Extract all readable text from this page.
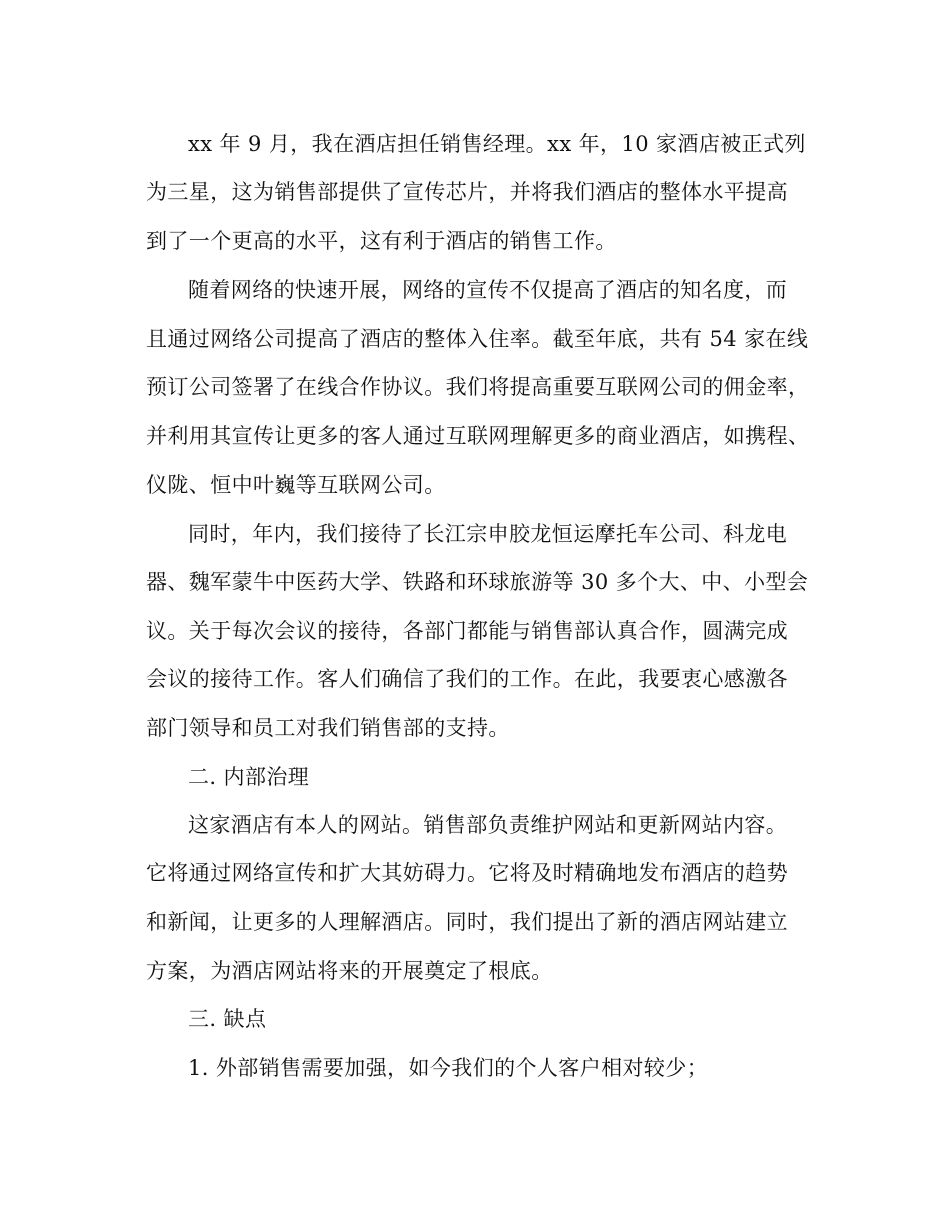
xx 年 9 月，我在酒店担任销售经理。xx 年，10 家酒店被正式列
为三星，这为销售部提供了宣传芯片，并将我们酒店的整体水平提高
到了一个更高的水平，这有利于酒店的销售工作。
随着网络的快速开展，网络的宣传不仅提高了酒店的知名度，而
且通过网络公司提高了酒店的整体入住率。截至年底，共有 54 家在线
预订公司签署了在线合作协议。我们将提高重要互联网公司的佣金率，
并利用其宣传让更多的客人通过互联网理解更多的商业酒店，如携程、
仪陇、恒中叶巍等互联网公司。
同时，年内，我们接待了长江宗申胶龙恒运摩托车公司、科龙电
器、魏军蒙牛中医药大学、铁路和环球旅游等 30 多个大、中、小型会
议。关于每次会议的接待，各部门都能与销售部认真合作，圆满完成
会议的接待工作。客人们确信了我们的工作。在此，我要衷心感激各
部门领导和员工对我们销售部的支持。
二. 内部治理
这家酒店有本人的网站。销售部负责维护网站和更新网站内容。
它将通过网络宣传和扩大其妨碍力。它将及时精确地发布酒店的趋势
和新闻，让更多的人理解酒店。同时，我们提出了新的酒店网站建立
方案，为酒店网站将来的开展奠定了根底。
三. 缺点
1. 外部销售需要加强，如今我们的个人客户相对较少；
